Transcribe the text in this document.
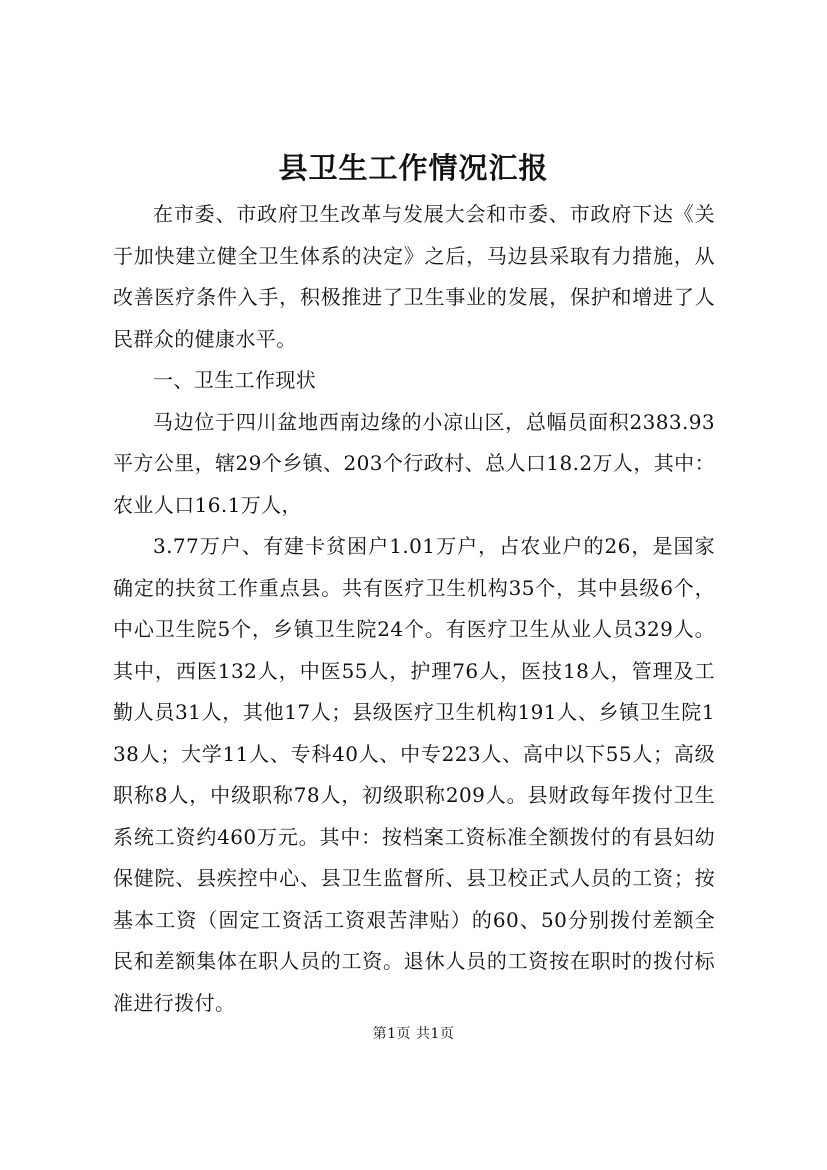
县卫生工作情况汇报

在市委、市政府卫生改革与发展大会和市委、市政府下达《关于加快建立健全卫生体系的决定》之后，马边县采取有力措施，从改善医疗条件入手，积极推进了卫生事业的发展，保护和增进了人民群众的健康水平。

一、卫生工作现状

马边位于四川盆地西南边缘的小凉山区，总幅员面积2383.93平方公里，辖29个乡镇、203个行政村、总人口18.2万人，其中：农业人口16.1万人，

3.77万户、有建卡贫困户1.01万户，占农业户的26，是国家确定的扶贫工作重点县。共有医疗卫生机构35个，其中县级6个，中心卫生院5个，乡镇卫生院24个。有医疗卫生从业人员329人。其中，西医132人，中医55人，护理76人，医技18人，管理及工勤人员31人，其他17人；县级医疗卫生机构191人、乡镇卫生院138人；大学11人、专科40人、中专223人、高中以下55人；高级职称8人，中级职称78人，初级职称209人。县财政每年拨付卫生系统工资约460万元。其中：按档案工资标准全额拨付的有县妇幼保健院、县疾控中心、县卫生监督所、县卫校正式人员的工资；按基本工资（固定工资活工资艰苦津贴）的60、50分别拨付差额全民和差额集体在职人员的工资。退休人员的工资按在职时的拨付标准进行拨付。

第1页 共1页
